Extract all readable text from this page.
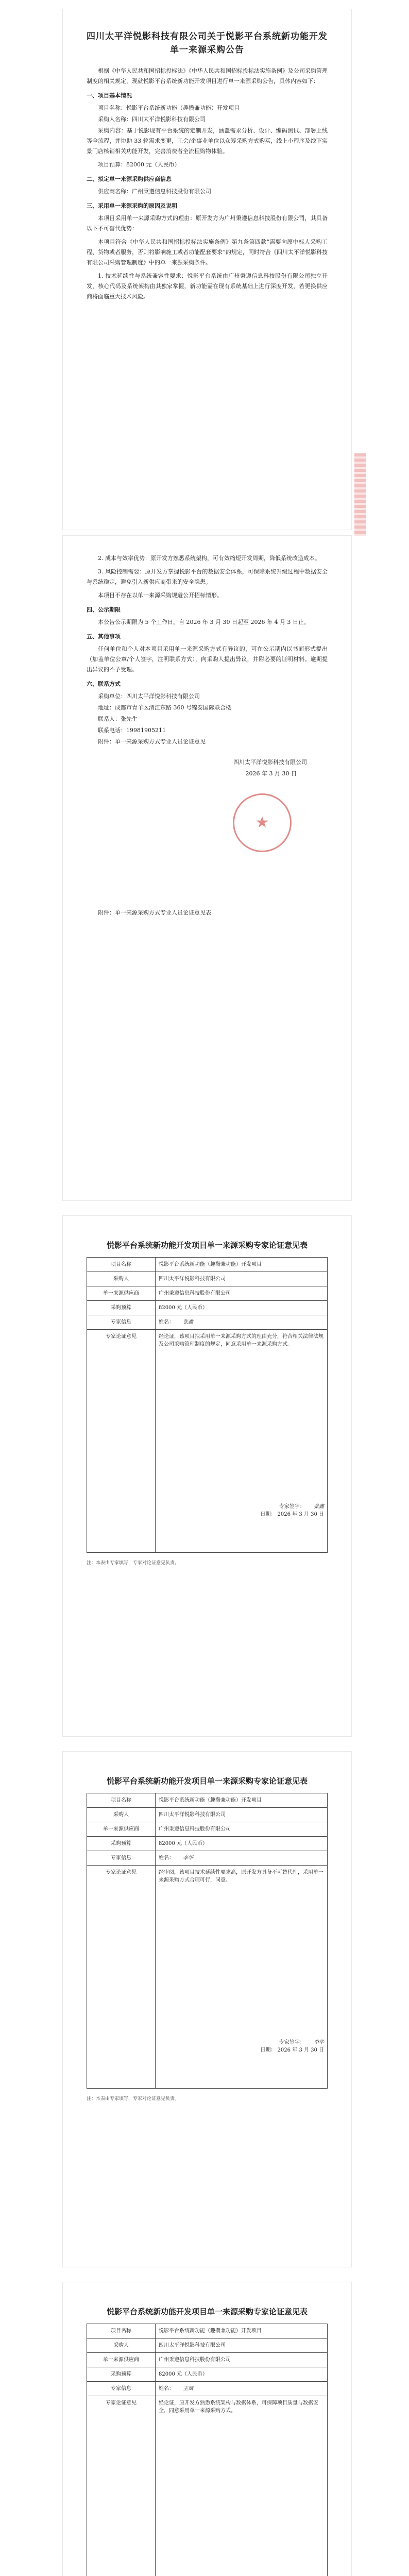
四川太平洋悦影科技有限公司关于悦影平台系统新功能开发单一来源采购公告

根据《中华人民共和国招标投标法》《中华人民共和国招标投标法实施条例》及公司采购管理制度的相关规定，现就悦影平台系统新功能开发项目进行单一来源采购公告，具体内容如下：

一、项目基本情况

项目名称：悦影平台系统新功能（趣攒兼功能）开发项目

采购人名称：四川太平洋悦影科技有限公司

采购内容：基于悦影现有平台系统的定制开发，涵盖需求分析、设计、编码测试、部署上线等全流程，并协助 33 轮需求变更，工会/企事业单位以众筹采购方式购买，线上小程序及线下实景门店核销相关功能开发，完善消费者全流程购物体验。

项目预算：82000 元（人民币）

二、拟定单一来源采购供应商信息

供应商名称：广州秉遵信息科技股份有限公司

三、采用单一来源采购的原因及说明

本项目采用单一来源采购方式的理由：原开发方为广州秉遵信息科技股份有限公司，其具备以下不可替代优势：

本项目符合《中华人民共和国招标投标法实施条例》第九条第四款“需要向原中标人采购工程、货物或者服务，否则将影响施工或者功能配套要求”的规定，同时符合《四川太平洋悦影科技有限公司采购管理制度》中的单一来源采购条件。

1. 技术延续性与系统兼容性要求：悦影平台系统由广州秉遵信息科技股份有限公司独立开发，核心代码及系统架构由其独家掌握，新功能需在现有系统基础上进行深度开发，若更换供应商将面临重大技术风险。

2. 成本与效率优势：原开发方熟悉系统架构，可有效缩短开发周期，降低系统改造成本。

3. 风险控制需要：原开发方掌握悦影平台的数据安全体系，可保障系统升级过程中数据安全与系统稳定，避免引入新供应商带来的安全隐患。

本项目不存在以单一来源采购规避公开招标情形。

四、公示期限

本公告公示期限为 5 个工作日，自 2026 年 3 月 30 日起至 2026 年 4 月 3 日止。

五、其他事项

任何单位和个人对本项目采用单一来源采购方式有异议的，可在公示期内以书面形式提出（加盖单位公章/个人签字，注明联系方式），向采购人提出异议，并附必要的证明材料。逾期提出异议的不予受理。

六、联系方式

采购单位：四川太平洋悦影科技有限公司

地址：成都市青羊区清江东路 360 号锦泰国际联合楼

联系人：张先生

联系电话：19981905211

附件：单一来源采购方式专业人员论证意见

四川太平洋悦影科技有限公司
2026 年 3 月 30 日

附件：单一来源采购方式专业人员论证意见表

★
悦影平台系统新功能开发项目单一来源采购专家论证意见表
项目名称	悦影平台系统新功能（趣攒兼功能）开发项目
采购人	四川太平洋悦影科技有限公司
单一来源供应商	广州秉遵信息科技股份有限公司
采购预算	82000 元（人民币）
专家信息	姓名： 张鑫
专家论证意见	经论证，该项目拟采用单一来源采购方式的理由充分，符合相关法律法规及公司采购管理制度的规定，同意采用单一来源采购方式。
专家签字： 张鑫
日期： 2026 年 3 月 30 日
注：本表由专家填写，专家对论证意见负责。
悦影平台系统新功能开发项目单一来源采购专家论证意见表
项目名称	悦影平台系统新功能（趣攒兼功能）开发项目
采购人	四川太平洋悦影科技有限公司
单一来源供应商	广州秉遵信息科技股份有限公司
采购预算	82000 元（人民币）
专家信息	姓名： 李华
专家论证意见	经审阅，该项目技术延续性要求高，原开发方具备不可替代性，采用单一来源采购方式合理可行，同意。
专家签字： 李华
日期： 2026 年 3 月 30 日
注：本表由专家填写，专家对论证意见负责。
悦影平台系统新功能开发项目单一来源采购专家论证意见表
项目名称	悦影平台系统新功能（趣攒兼功能）开发项目
采购人	四川太平洋悦影科技有限公司
单一来源供应商	广州秉遵信息科技股份有限公司
采购预算	82000 元（人民币）
专家信息	姓名： 王斌
专家论证意见	经论证，原开发方熟悉系统架构与数据体系，可保障项目质量与数据安全，同意采用单一来源采购方式。
